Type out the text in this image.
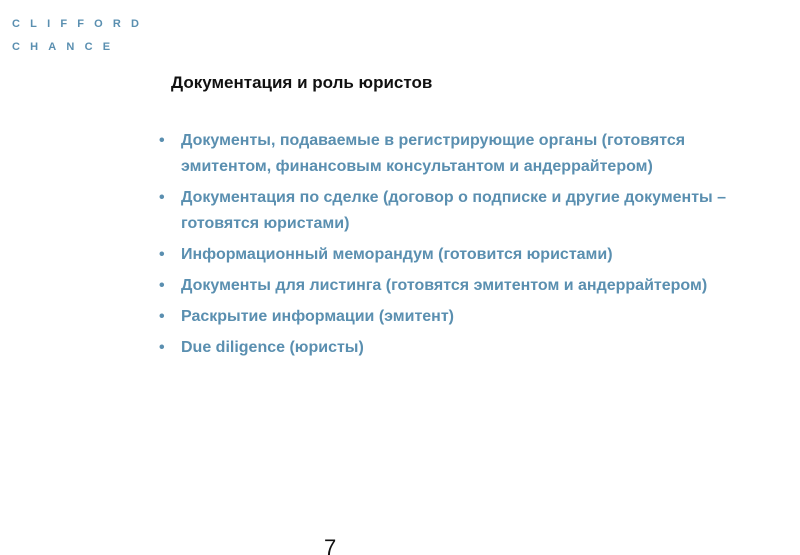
CLIFFORD
CHANCE
Документация и роль юристов
• Документы, подаваемые в регистрирующие органы (готовятся эмитентом, финансовым консультантом и андеррайтером)
• Документация по сделке (договор о подписке и другие документы – готовятся юристами)
• Информационный меморандум (готовится юристами)
• Документы для листинга (готовятся эмитентом и андеррайтером)
• Раскрытие информации (эмитент)
• Due diligence (юристы)
7
